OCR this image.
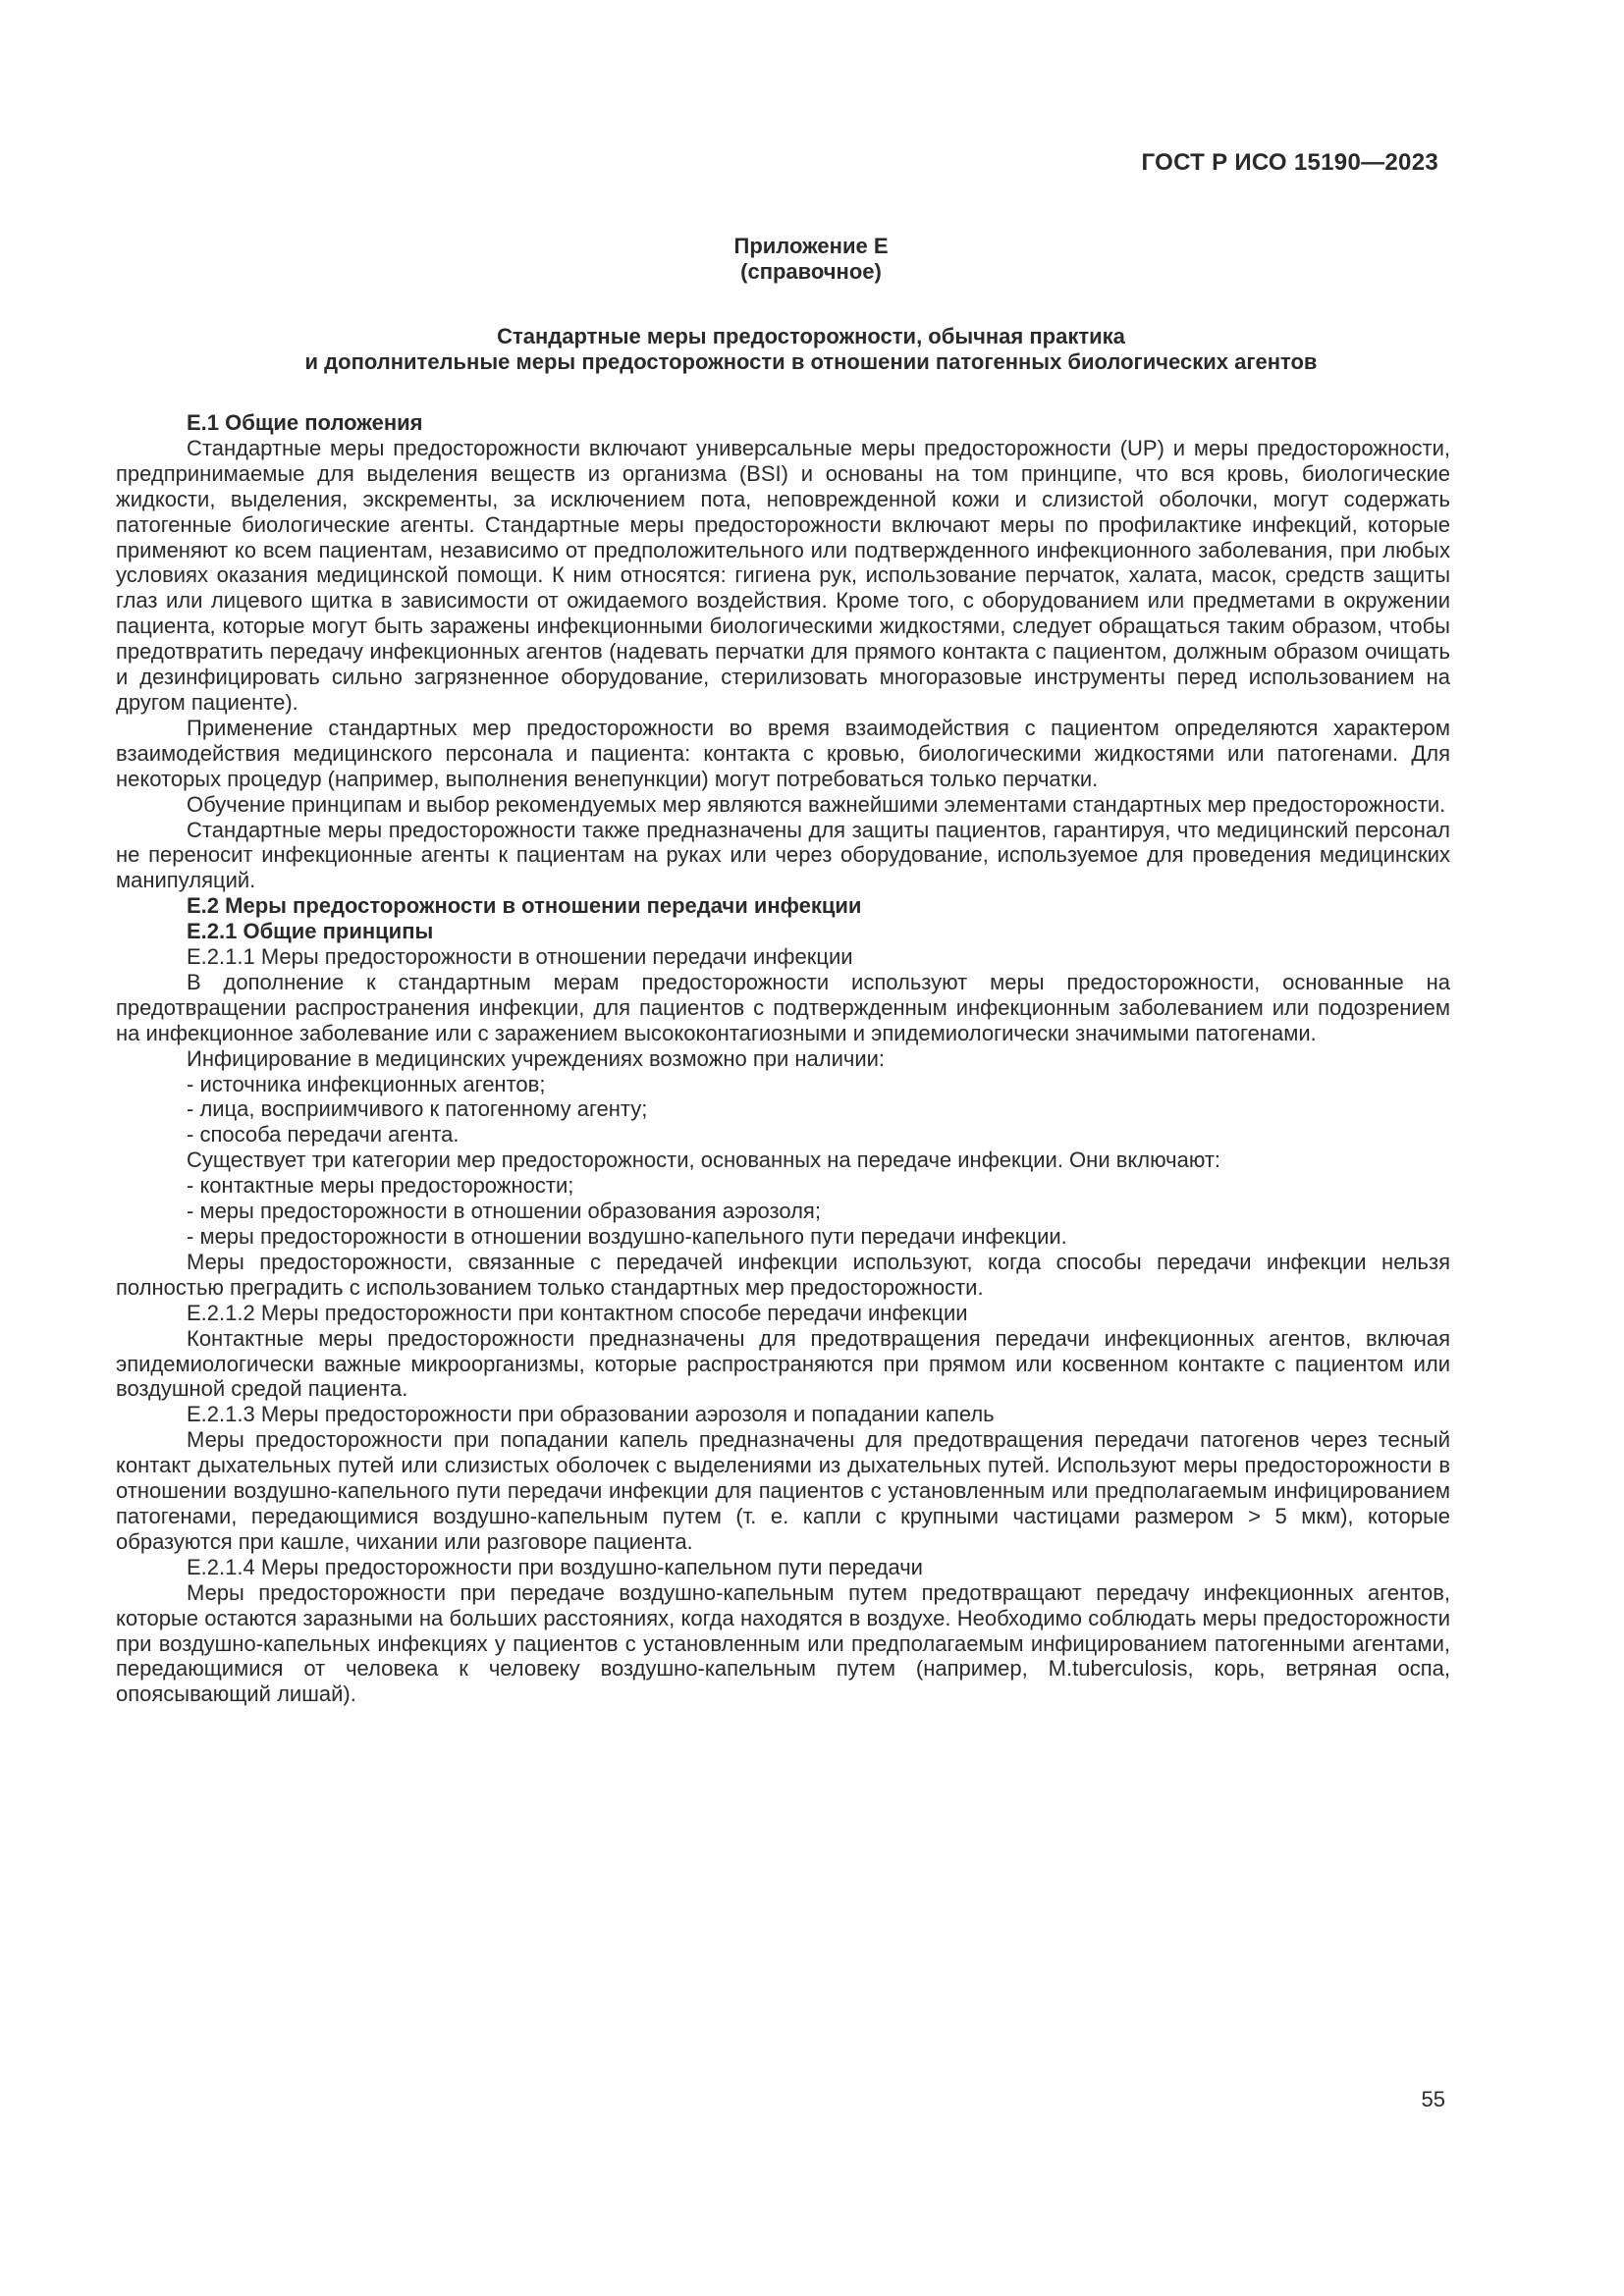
ГОСТ Р ИСО 15190—2023
Приложение Е
(справочное)
Стандартные меры предосторожности, обычная практика
и дополнительные меры предосторожности в отношении патогенных биологических агентов

Е.1 Общие положения

Стандартные меры предосторожности включают универсальные меры предосторожности (UP) и меры предосторожности, предпринимаемые для выделения веществ из организма (BSI) и основаны на том принципе, что вся кровь, биологические жидкости, выделения, экскременты, за исключением пота, неповрежденной кожи и слизистой оболочки, могут содержать патогенные биологические агенты. Стандартные меры предосторожности включают меры по профилактике инфекций, которые применяют ко всем пациентам, независимо от предположительного или подтвержденного инфекционного заболевания, при любых условиях оказания медицинской помощи. К ним относятся: гигиена рук, использование перчаток, халата, масок, средств защиты глаз или лицевого щитка в зависимости от ожидаемого воздействия. Кроме того, с оборудованием или предметами в окружении пациента, которые могут быть заражены инфекционными биологическими жидкостями, следует обращаться таким образом, чтобы предотвратить передачу инфекционных агентов (надевать перчатки для прямого контакта с пациентом, должным образом очищать и дезинфицировать сильно загрязненное оборудование, стерилизовать многоразовые инструменты перед использованием на другом пациенте).

Применение стандартных мер предосторожности во время взаимодействия с пациентом определяются характером взаимодействия медицинского персонала и пациента: контакта с кровью, биологическими жидкостями или патогенами. Для некоторых процедур (например, выполнения венепункции) могут потребоваться только перчатки.

Обучение принципам и выбор рекомендуемых мер являются важнейшими элементами стандартных мер предосторожности.

Стандартные меры предосторожности также предназначены для защиты пациентов, гарантируя, что медицинский персонал не переносит инфекционные агенты к пациентам на руках или через оборудование, используемое для проведения медицинских манипуляций.

Е.2 Меры предосторожности в отношении передачи инфекции

Е.2.1 Общие принципы

Е.2.1.1 Меры предосторожности в отношении передачи инфекции

В дополнение к стандартным мерам предосторожности используют меры предосторожности, основанные на предотвращении распространения инфекции, для пациентов с подтвержденным инфекционным заболеванием или подозрением на инфекционное заболевание или с заражением высококонтагиозными и эпидемиологически значимыми патогенами.

Инфицирование в медицинских учреждениях возможно при наличии:

- источника инфекционных агентов;

- лица, восприимчивого к патогенному агенту;

- способа передачи агента.

Существует три категории мер предосторожности, основанных на передаче инфекции. Они включают:

- контактные меры предосторожности;

- меры предосторожности в отношении образования аэрозоля;

- меры предосторожности в отношении воздушно-капельного пути передачи инфекции.

Меры предосторожности, связанные с передачей инфекции используют, когда способы передачи инфекции нельзя полностью преградить с использованием только стандартных мер предосторожности.

Е.2.1.2 Меры предосторожности при контактном способе передачи инфекции

Контактные меры предосторожности предназначены для предотвращения передачи инфекционных агентов, включая эпидемиологически важные микроорганизмы, которые распространяются при прямом или косвенном контакте с пациентом или воздушной средой пациента.

Е.2.1.3 Меры предосторожности при образовании аэрозоля и попадании капель

Меры предосторожности при попадании капель предназначены для предотвращения передачи патогенов через тесный контакт дыхательных путей или слизистых оболочек с выделениями из дыхательных путей. Используют меры предосторожности в отношении воздушно-капельного пути передачи инфекции для пациентов с установленным или предполагаемым инфицированием патогенами, передающимися воздушно-капельным путем (т. е. капли с крупными частицами размером > 5 мкм), которые образуются при кашле, чихании или разговоре пациента.

Е.2.1.4 Меры предосторожности при воздушно-капельном пути передачи

Меры предосторожности при передаче воздушно-капельным путем предотвращают передачу инфекционных агентов, которые остаются заразными на больших расстояниях, когда находятся в воздухе. Необходимо соблюдать меры предосторожности при воздушно-капельных инфекциях у пациентов с установленным или предполагаемым инфицированием патогенными агентами, передающимися от человека к человеку воздушно-капельным путем (например, M.tuberculosis, корь, ветряная оспа, опоясывающий лишай).

55
